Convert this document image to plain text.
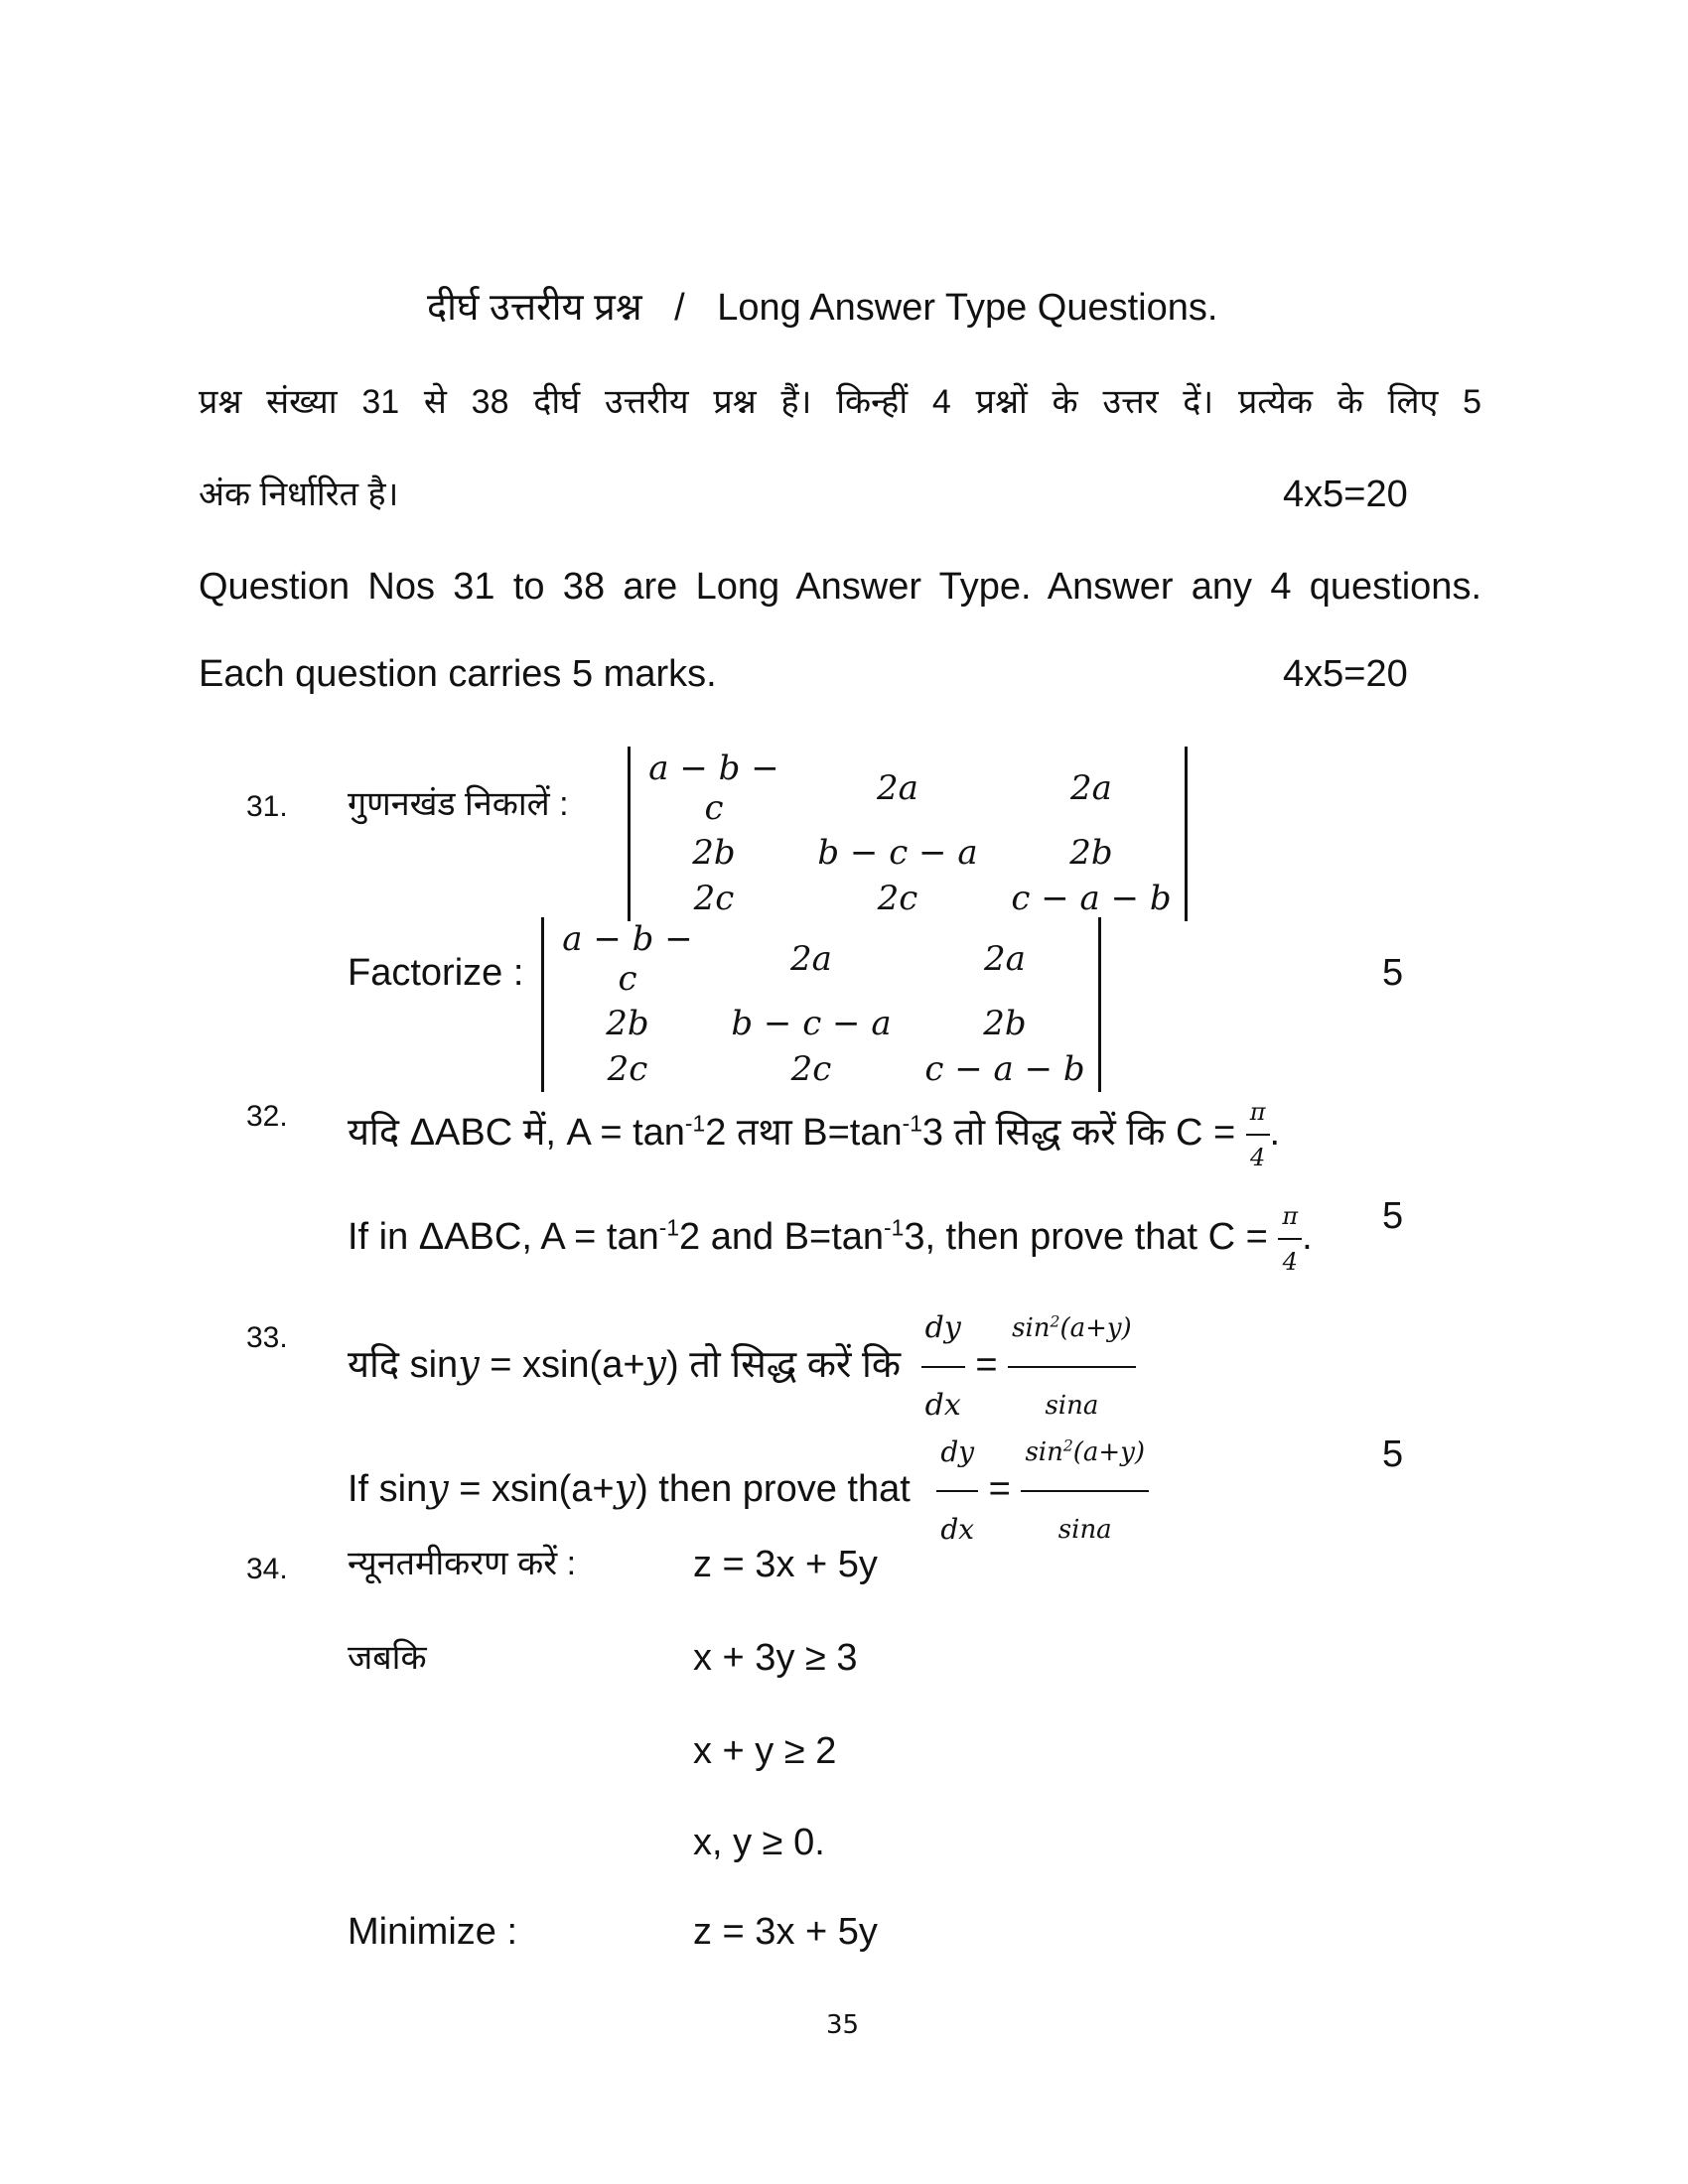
दीर्घ उत्तरीय प्रश्न / Long Answer Type Questions.
प्रश्न संख्या 31 से 38 दीर्घ उत्तरीय प्रश्न हैं। किन्हीं 4 प्रश्नों के उत्तर दें। प्रत्येक के लिए 5
अंक निर्धारित है।	4x5=20
Question Nos 31 to 38 are Long Answer Type. Answer any 4 questions.
Each question carries 5 marks.	4x5=20
31. गुणनखंड निकालें :
a − b − c	2a	2a
2b	b − c − a	2b
2c	2c	c − a − b
Factorize :
a − b − c	2a	2a
2b	b − c − a	2b
2c	2c	c − a − b
5
32. यदि ΔABC में, $A = \tan^{-1}2$ तथा $B=\tan^{-1}3$ तो सिद्ध करें कि $C = \frac{\pi}{4}$ .
If in ΔABC, $A = \tan^{-1}2$ and $B=\tan^{-1}3$, then prove that $C = \frac{\pi}{4}$ .
5
33.
यदि siny = xsin(a+y) तो सिद्ध करें कि $\frac{dy}{dx} = \frac{\sin^2(a+y)}{\sin a}$
If siny = xsin(a+y) then prove that $\frac{dy}{dx} = \frac{\sin^2(a+y)}{\sin a}$	5
34. न्यूनतमीकरण करें :	z = 3x + 5y
जबकि	x + 3y ≥ 3
x + y ≥ 2
x, y ≥ 0.
Minimize :	z = 3x + 5y
35
